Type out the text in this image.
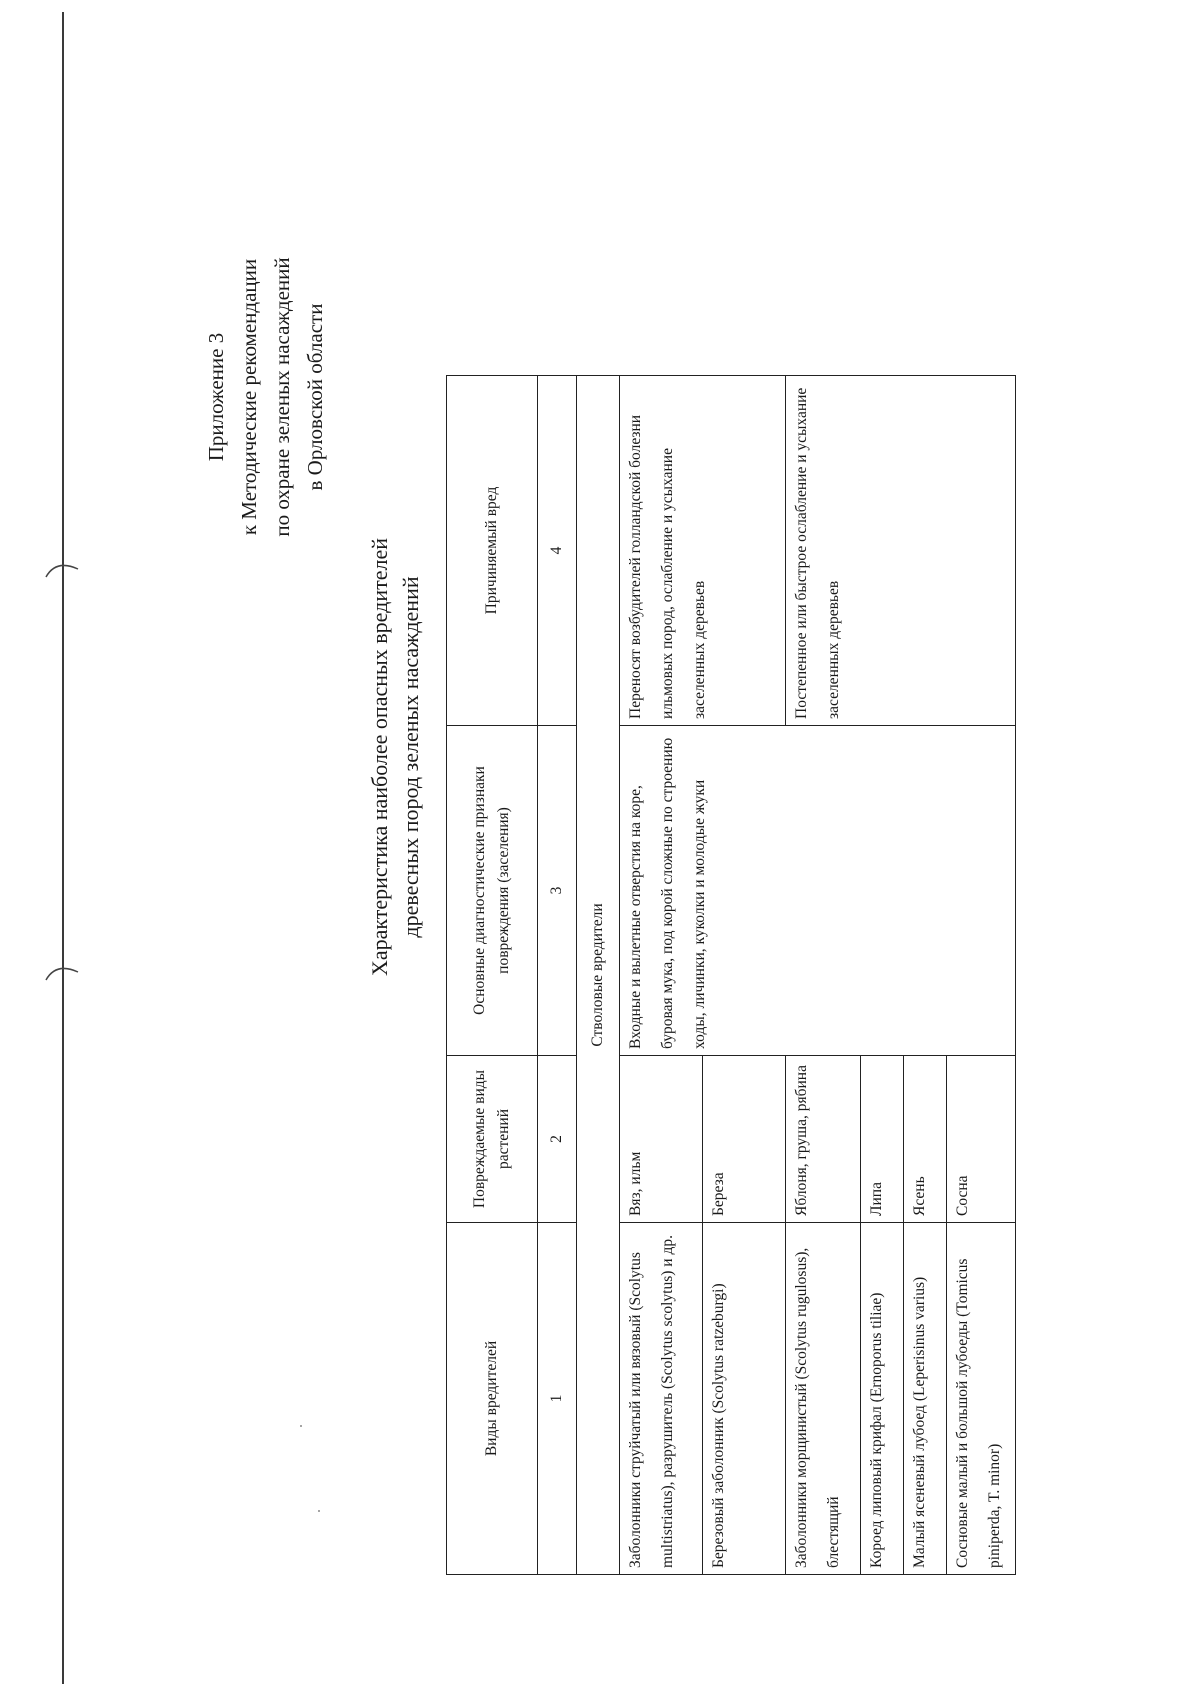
Приложение 3 к Методические рекомендации по охране зеленых насаждений в Орловской области
Характеристика наиболее опасных вредителей древесных пород зеленых насаждений
Виды вредителей	Повреждаемые виды растений	Основные диагностические признаки повреждения (заселения)	Причиняемый вред
1	2	3	4
Стволовые вредители			
Заболонники струйчатый или вязовый (Scolytus multistriatus), разрушитель (Scolytus scolytus) и др.	Вяз, ильм	Входные и вылетные отверстия на коре, буровая мука, под корой сложные по строению ходы, личинки, куколки и молодые жуки	Переносят возбудителей голландской болезни ильмовых пород, ослабление и усыхание заселенных деревьев
Березовый заболонник (Scolytus ratzeburgi)	Береза		
Заболонники морщинистый (Scolytus rugulosus), блестящий	Яблоня, груша, рябина		Постепенное или быстрое ослабление и усыхание заселенных деревьев
Короед липовый крифал (Ernoporus tiliae)	Липа		
Малый ясеневый лубоед (Leperisinus varius)	Ясень		
Сосновые малый и большой лубоеды (Tomicus piniperda, T. minor)	Сосна		
